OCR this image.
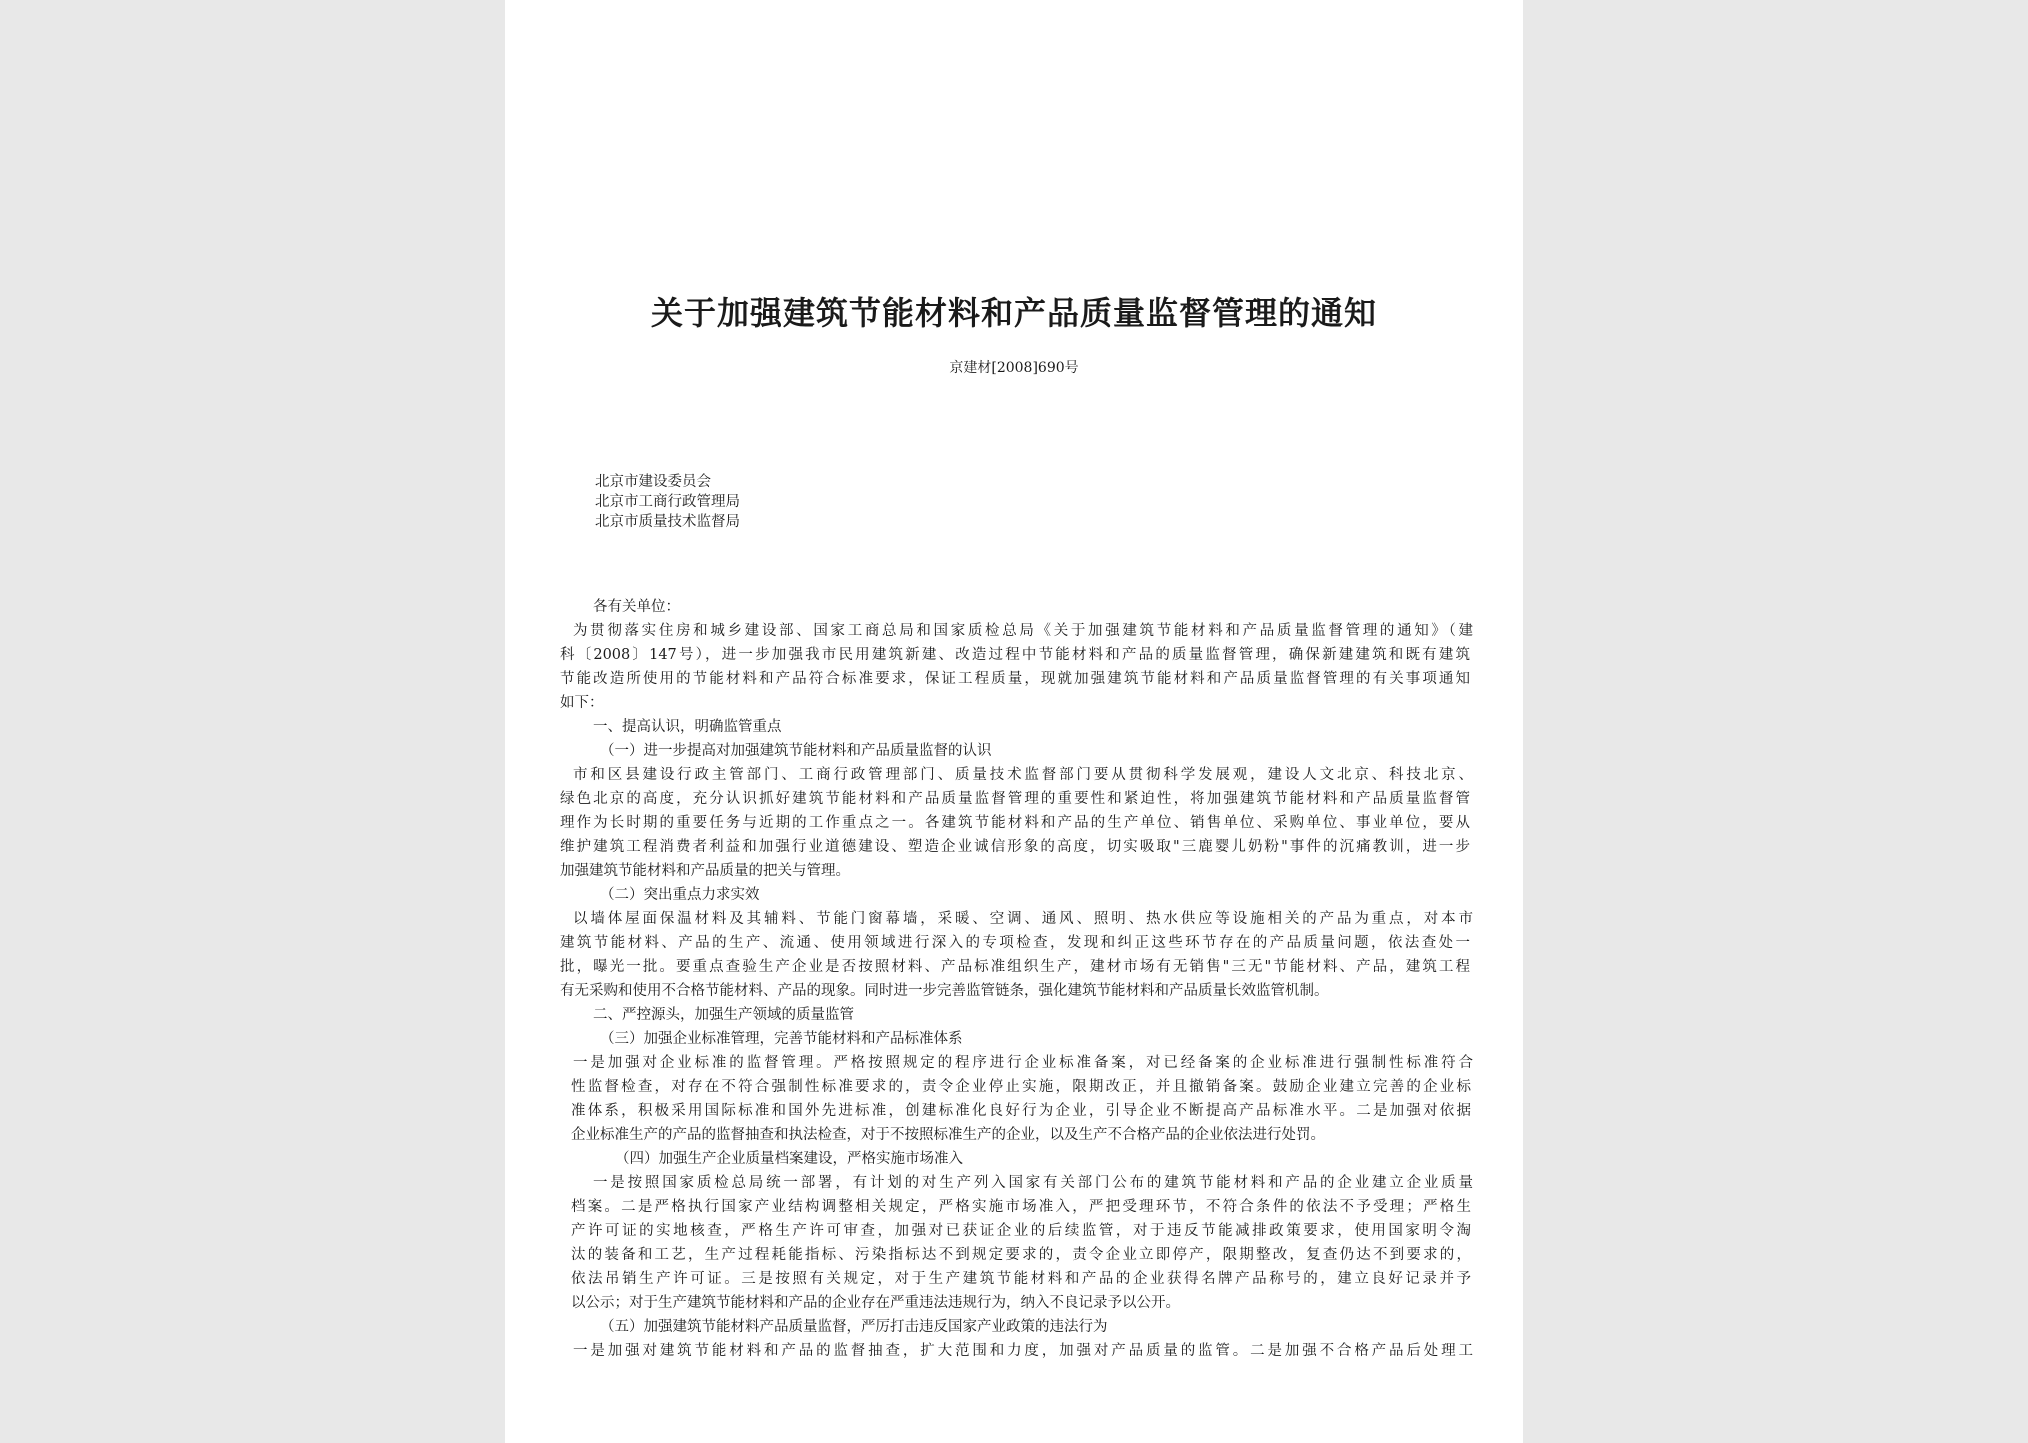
关于加强建筑节能材料和产品质量监督管理的通知
京建材[2008]690号
北京市建设委员会
北京市工商行政管理局
北京市质量技术监督局
各有关单位：
为贯彻落实住房和城乡建设部、国家工商总局和国家质检总局《关于加强建筑节能材料和产品质量监督管理的通知》（建
科〔2008〕147号），进一步加强我市民用建筑新建、改造过程中节能材料和产品的质量监督管理，确保新建建筑和既有建筑
节能改造所使用的节能材料和产品符合标准要求，保证工程质量，现就加强建筑节能材料和产品质量监督管理的有关事项通知
如下：
一、提高认识，明确监管重点
（一）进一步提高对加强建筑节能材料和产品质量监督的认识
市和区县建设行政主管部门、工商行政管理部门、质量技术监督部门要从贯彻科学发展观，建设人文北京、科技北京、
绿色北京的高度，充分认识抓好建筑节能材料和产品质量监督管理的重要性和紧迫性，将加强建筑节能材料和产品质量监督管
理作为长时期的重要任务与近期的工作重点之一。各建筑节能材料和产品的生产单位、销售单位、采购单位、事业单位，要从
维护建筑工程消费者利益和加强行业道德建设、塑造企业诚信形象的高度，切实吸取"三鹿婴儿奶粉"事件的沉痛教训，进一步
加强建筑节能材料和产品质量的把关与管理。
（二）突出重点力求实效
以墙体屋面保温材料及其辅料、节能门窗幕墙，采暖、空调、通风、照明、热水供应等设施相关的产品为重点，对本市
建筑节能材料、产品的生产、流通、使用领域进行深入的专项检查，发现和纠正这些环节存在的产品质量问题，依法查处一
批，曝光一批。要重点查验生产企业是否按照材料、产品标准组织生产，建材市场有无销售"三无"节能材料、产品，建筑工程
有无采购和使用不合格节能材料、产品的现象。同时进一步完善监管链条，强化建筑节能材料和产品质量长效监管机制。
二、严控源头，加强生产领域的质量监管
（三）加强企业标准管理，完善节能材料和产品标准体系
一是加强对企业标准的监督管理。严格按照规定的程序进行企业标准备案，对已经备案的企业标准进行强制性标准符合
性监督检查，对存在不符合强制性标准要求的，责令企业停止实施，限期改正，并且撤销备案。鼓励企业建立完善的企业标
准体系，积极采用国际标准和国外先进标准，创建标准化良好行为企业，引导企业不断提高产品标准水平。二是加强对依据
企业标准生产的产品的监督抽查和执法检查，对于不按照标准生产的企业，以及生产不合格产品的企业依法进行处罚。
（四）加强生产企业质量档案建设，严格实施市场准入
一是按照国家质检总局统一部署，有计划的对生产列入国家有关部门公布的建筑节能材料和产品的企业建立企业质量
档案。二是严格执行国家产业结构调整相关规定，严格实施市场准入，严把受理环节，不符合条件的依法不予受理；严格生
产许可证的实地核查，严格生产许可审查，加强对已获证企业的后续监管，对于违反节能减排政策要求，使用国家明令淘
汰的装备和工艺，生产过程耗能指标、污染指标达不到规定要求的，责令企业立即停产，限期整改，复查仍达不到要求的，
依法吊销生产许可证。三是按照有关规定，对于生产建筑节能材料和产品的企业获得名牌产品称号的，建立良好记录并予
以公示；对于生产建筑节能材料和产品的企业存在严重违法违规行为，纳入不良记录予以公开。
（五）加强建筑节能材料产品质量监督，严厉打击违反国家产业政策的违法行为
一是加强对建筑节能材料和产品的监督抽查，扩大范围和力度，加强对产品质量的监管。二是加强不合格产品后处理工
